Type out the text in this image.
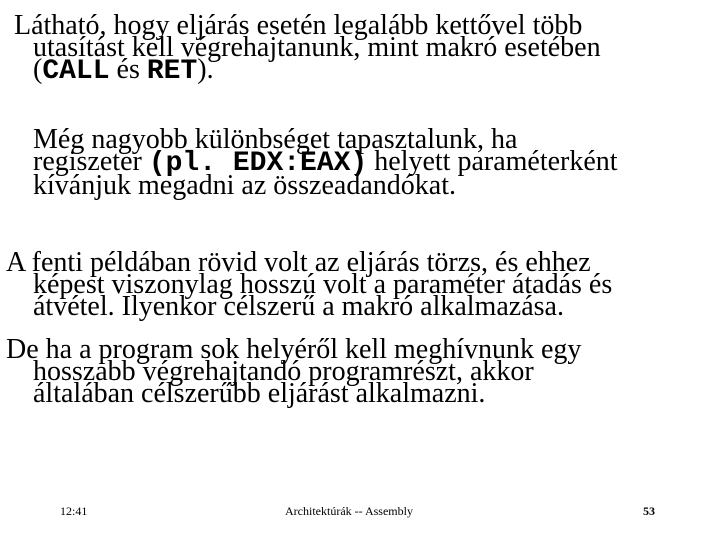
Látható, hogy eljárás esetén legalább kettővel több
utasítást kell végrehajtanunk, mint makró esetében
(CALL és RET).
Még nagyobb különbséget tapasztalunk, ha
regiszeter (pl. EDX:EAX) helyett paraméterként
kívánjuk megadni az összeadandókat.
A fenti példában rövid volt az eljárás törzs, és ehhez
képest viszonylag hosszú volt a paraméter átadás és
átvétel. Ilyenkor célszerű a makró alkalmazása.
De ha a program sok helyéről kell meghívnunk egy
hosszabb végrehajtandó programrészt, akkor
általában célszerűbb eljárást alkalmazni.
12:41	Architektúrák -- Assembly	53
